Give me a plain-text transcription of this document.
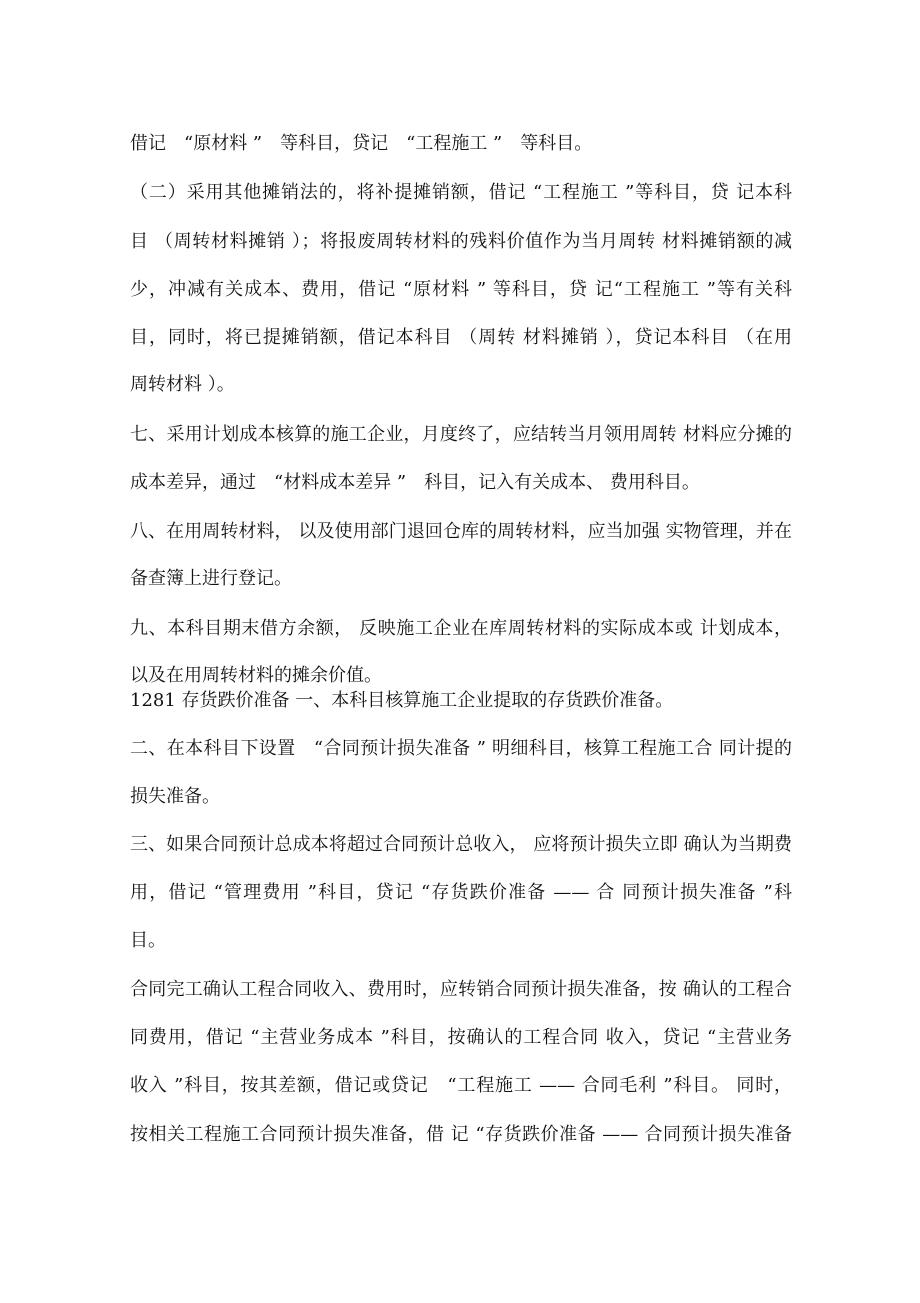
借记　“原材料 ”　等科目，贷记　“工程施工 ”　等科目。
（二）采用其他摊销法的，将补提摊销额，借记 “工程施工 ”等科目，贷 记本科
目 （周转材料摊销 ）；将报废周转材料的残料价值作为当月周转 材料摊销额的减
少，冲减有关成本、费用，借记 “原材料 ” 等科目，贷 记“工程施工 ”等有关科
目，同时，将已提摊销额，借记本科目 （周转 材料摊销 ），贷记本科目 （在用
周转材料 ）。
七、采用计划成本核算的施工企业，月度终了，应结转当月领用周转 材料应分摊的
成本差异，通过　“材料成本差异 ”　科目，记入有关成本、 费用科目。
八、在用周转材料， 以及使用部门退回仓库的周转材料，应当加强 实物管理，并在
备查簿上进行登记。
九、本科目期末借方余额， 反映施工企业在库周转材料的实际成本或 计划成本，
以及在用周转材料的摊余价值。
1281 存货跌价准备 一、本科目核算施工企业提取的存货跌价准备。
二、在本科目下设置　“合同预计损失准备 ” 明细科目，核算工程施工合 同计提的
损失准备。
三、如果合同预计总成本将超过合同预计总收入， 应将预计损失立即 确认为当期费
用，借记 “管理费用 ”科目，贷记 “存货跌价准备 —— 合 同预计损失准备 ”科
目。
合同完工确认工程合同收入、费用时，应转销合同预计损失准备，按 确认的工程合
同费用，借记 “主营业务成本 ”科目，按确认的工程合同 收入，贷记 “主营业务
收入 ”科目，按其差额，借记或贷记　“工程施工 —— 合同毛利 ”科目。 同时，
按相关工程施工合同预计损失准备，借 记 “存货跌价准备 —— 合同预计损失准备
